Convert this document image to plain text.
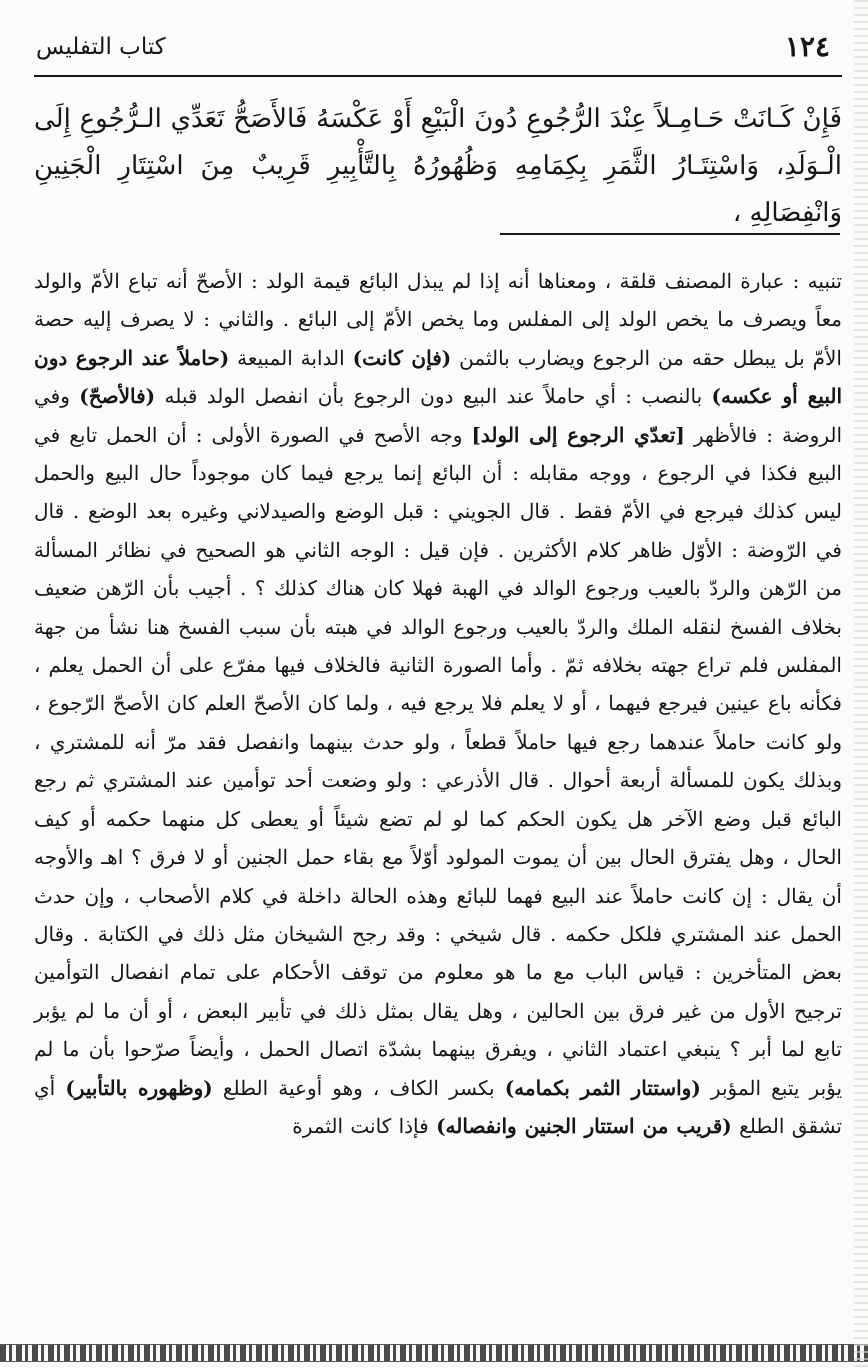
١٢٤
كتاب التفليس
فَإِنْ كَـانَتْ حَـامِـلاً عِنْدَ الرُّجُوعِ دُونَ الْبَيْعِ أَوْ عَكْسَهُ فَالأَصَحُّ تَعَدِّي الـرُّجُوعِ إِلَى الْـوَلَدِ، وَاسْتِتَـارُ الثَّمَرِ بِكِمَامِهِ وَظُهُورُهُ بِالتَّأْبِيرِ قَرِيبٌ مِنَ اسْتِتَارِ الْجَنِينِ وَانْفِصَالِهِ ،
تنبيه : عبارة المصنف قلقة ، ومعناها أنه إذا لم يبذل البائع قيمة الولد : الأصحّ أنه تباع الأمّ والولد معاً ويصرف ما يخص الولد إلى المفلس وما يخص الأمّ إلى البائع . والثاني : لا يصرف إليه حصة الأمّ بل يبطل حقه من الرجوع ويضارب بالثمن (فإن كانت) الدابة المبيعة (حاملاً عند الرجوع دون البيع أو عكسه) بالنصب : أي حاملاً عند البيع دون الرجوع بأن انفصل الولد قبله (فالأصحّ) وفي الروضة : فالأظهر [تعدّي الرجوع إلى الولد] وجه الأصح في الصورة الأولى : أن الحمل تابع في البيع فكذا في الرجوع ، ووجه مقابله : أن البائع إنما يرجع فيما كان موجوداً حال البيع والحمل ليس كذلك فيرجع في الأمّ فقط . قال الجويني : قبل الوضع والصيدلاني وغيره بعد الوضع . قال في الرّوضة : الأوّل ظاهر كلام الأكثرين . فإن قيل : الوجه الثاني هو الصحيح في نظائر المسألة من الرّهن والردّ بالعيب ورجوع الوالد في الهبة فهلا كان هناك كذلك ؟ . أجيب بأن الرّهن ضعيف بخلاف الفسخ لنقله الملك والردّ بالعيب ورجوع الوالد في هبته بأن سبب الفسخ هنا نشأ من جهة المفلس فلم تراع جهته بخلافه ثمّ . وأما الصورة الثانية فالخلاف فيها مفرّع على أن الحمل يعلم ، فكأنه باع عينين فيرجع فيهما ، أو لا يعلم فلا يرجع فيه ، ولما كان الأصحّ العلم كان الأصحّ الرّجوع ، ولو كانت حاملاً عندهما رجع فيها حاملاً قطعاً ، ولو حدث بينهما وانفصل فقد مرّ أنه للمشتري ، وبذلك يكون للمسألة أربعة أحوال . قال الأذرعي : ولو وضعت أحد توأمين عند المشتري ثم رجع البائع قبل وضع الآخر هل يكون الحكم كما لو لم تضع شيئاً أو يعطى كل منهما حكمه أو كيف الحال ، وهل يفترق الحال بين أن يموت المولود أوّلاً مع بقاء حمل الجنين أو لا فرق ؟ اهـ والأوجه أن يقال : إن كانت حاملاً عند البيع فهما للبائع وهذه الحالة داخلة في كلام الأصحاب ، وإن حدث الحمل عند المشتري فلكل حكمه . قال شيخي : وقد رجح الشيخان مثل ذلك في الكتابة . وقال بعض المتأخرين : قياس الباب مع ما هو معلوم من توقف الأحكام على تمام انفصال التوأمين ترجيح الأول من غير فرق بين الحالين ، وهل يقال بمثل ذلك في تأبير البعض ، أو أن ما لم يؤبر تابع لما أبر ؟ ينبغي اعتماد الثاني ، ويفرق بينهما بشدّة اتصال الحمل ، وأيضاً صرّحوا بأن ما لم يؤبر يتبع المؤبر (واستتار الثمر بكمامه) بكسر الكاف ، وهو أوعية الطلع (وظهوره بالتأبير) أي تشقق الطلع (قريب من استتار الجنين وانفصاله) فإذا كانت الثمرة
